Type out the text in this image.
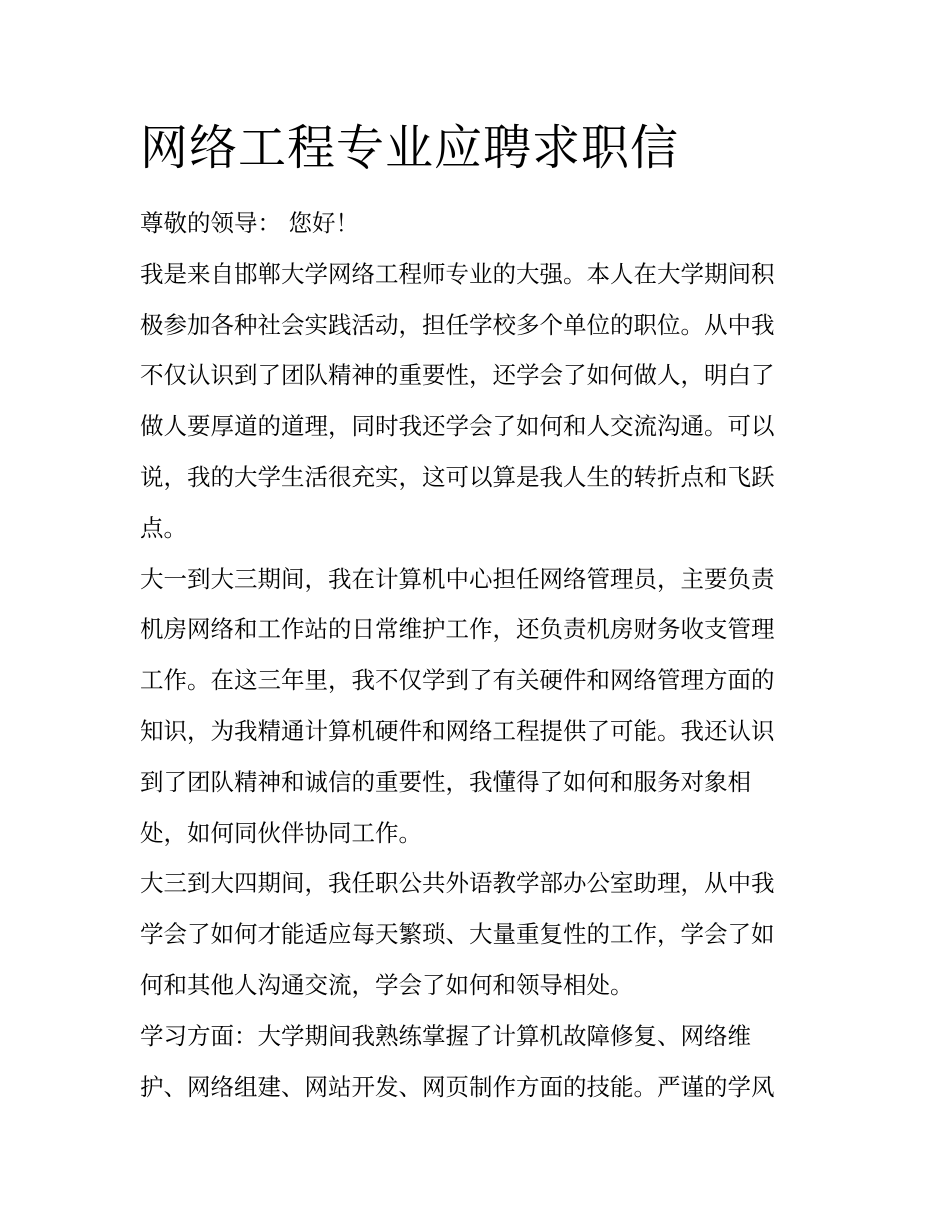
网络工程专业应聘求职信

尊敬的领导： 您好！

我是来自邯郸大学网络工程师专业的大强。本人在大学期间积
极参加各种社会实践活动，担任学校多个单位的职位。从中我
不仅认识到了团队精神的重要性，还学会了如何做人，明白了
做人要厚道的道理，同时我还学会了如何和人交流沟通。可以
说，我的大学生活很充实，这可以算是我人生的转折点和飞跃
点。

大一到大三期间，我在计算机中心担任网络管理员，主要负责
机房网络和工作站的日常维护工作，还负责机房财务收支管理
工作。在这三年里，我不仅学到了有关硬件和网络管理方面的
知识，为我精通计算机硬件和网络工程提供了可能。我还认识
到了团队精神和诚信的重要性，我懂得了如何和服务对象相
处，如何同伙伴协同工作。

大三到大四期间，我任职公共外语教学部办公室助理，从中我
学会了如何才能适应每天繁琐、大量重复性的工作，学会了如
何和其他人沟通交流，学会了如何和领导相处。

学习方面：大学期间我熟练掌握了计算机故障修复、网络维
护、网络组建、网站开发、网页制作方面的技能。严谨的学风
